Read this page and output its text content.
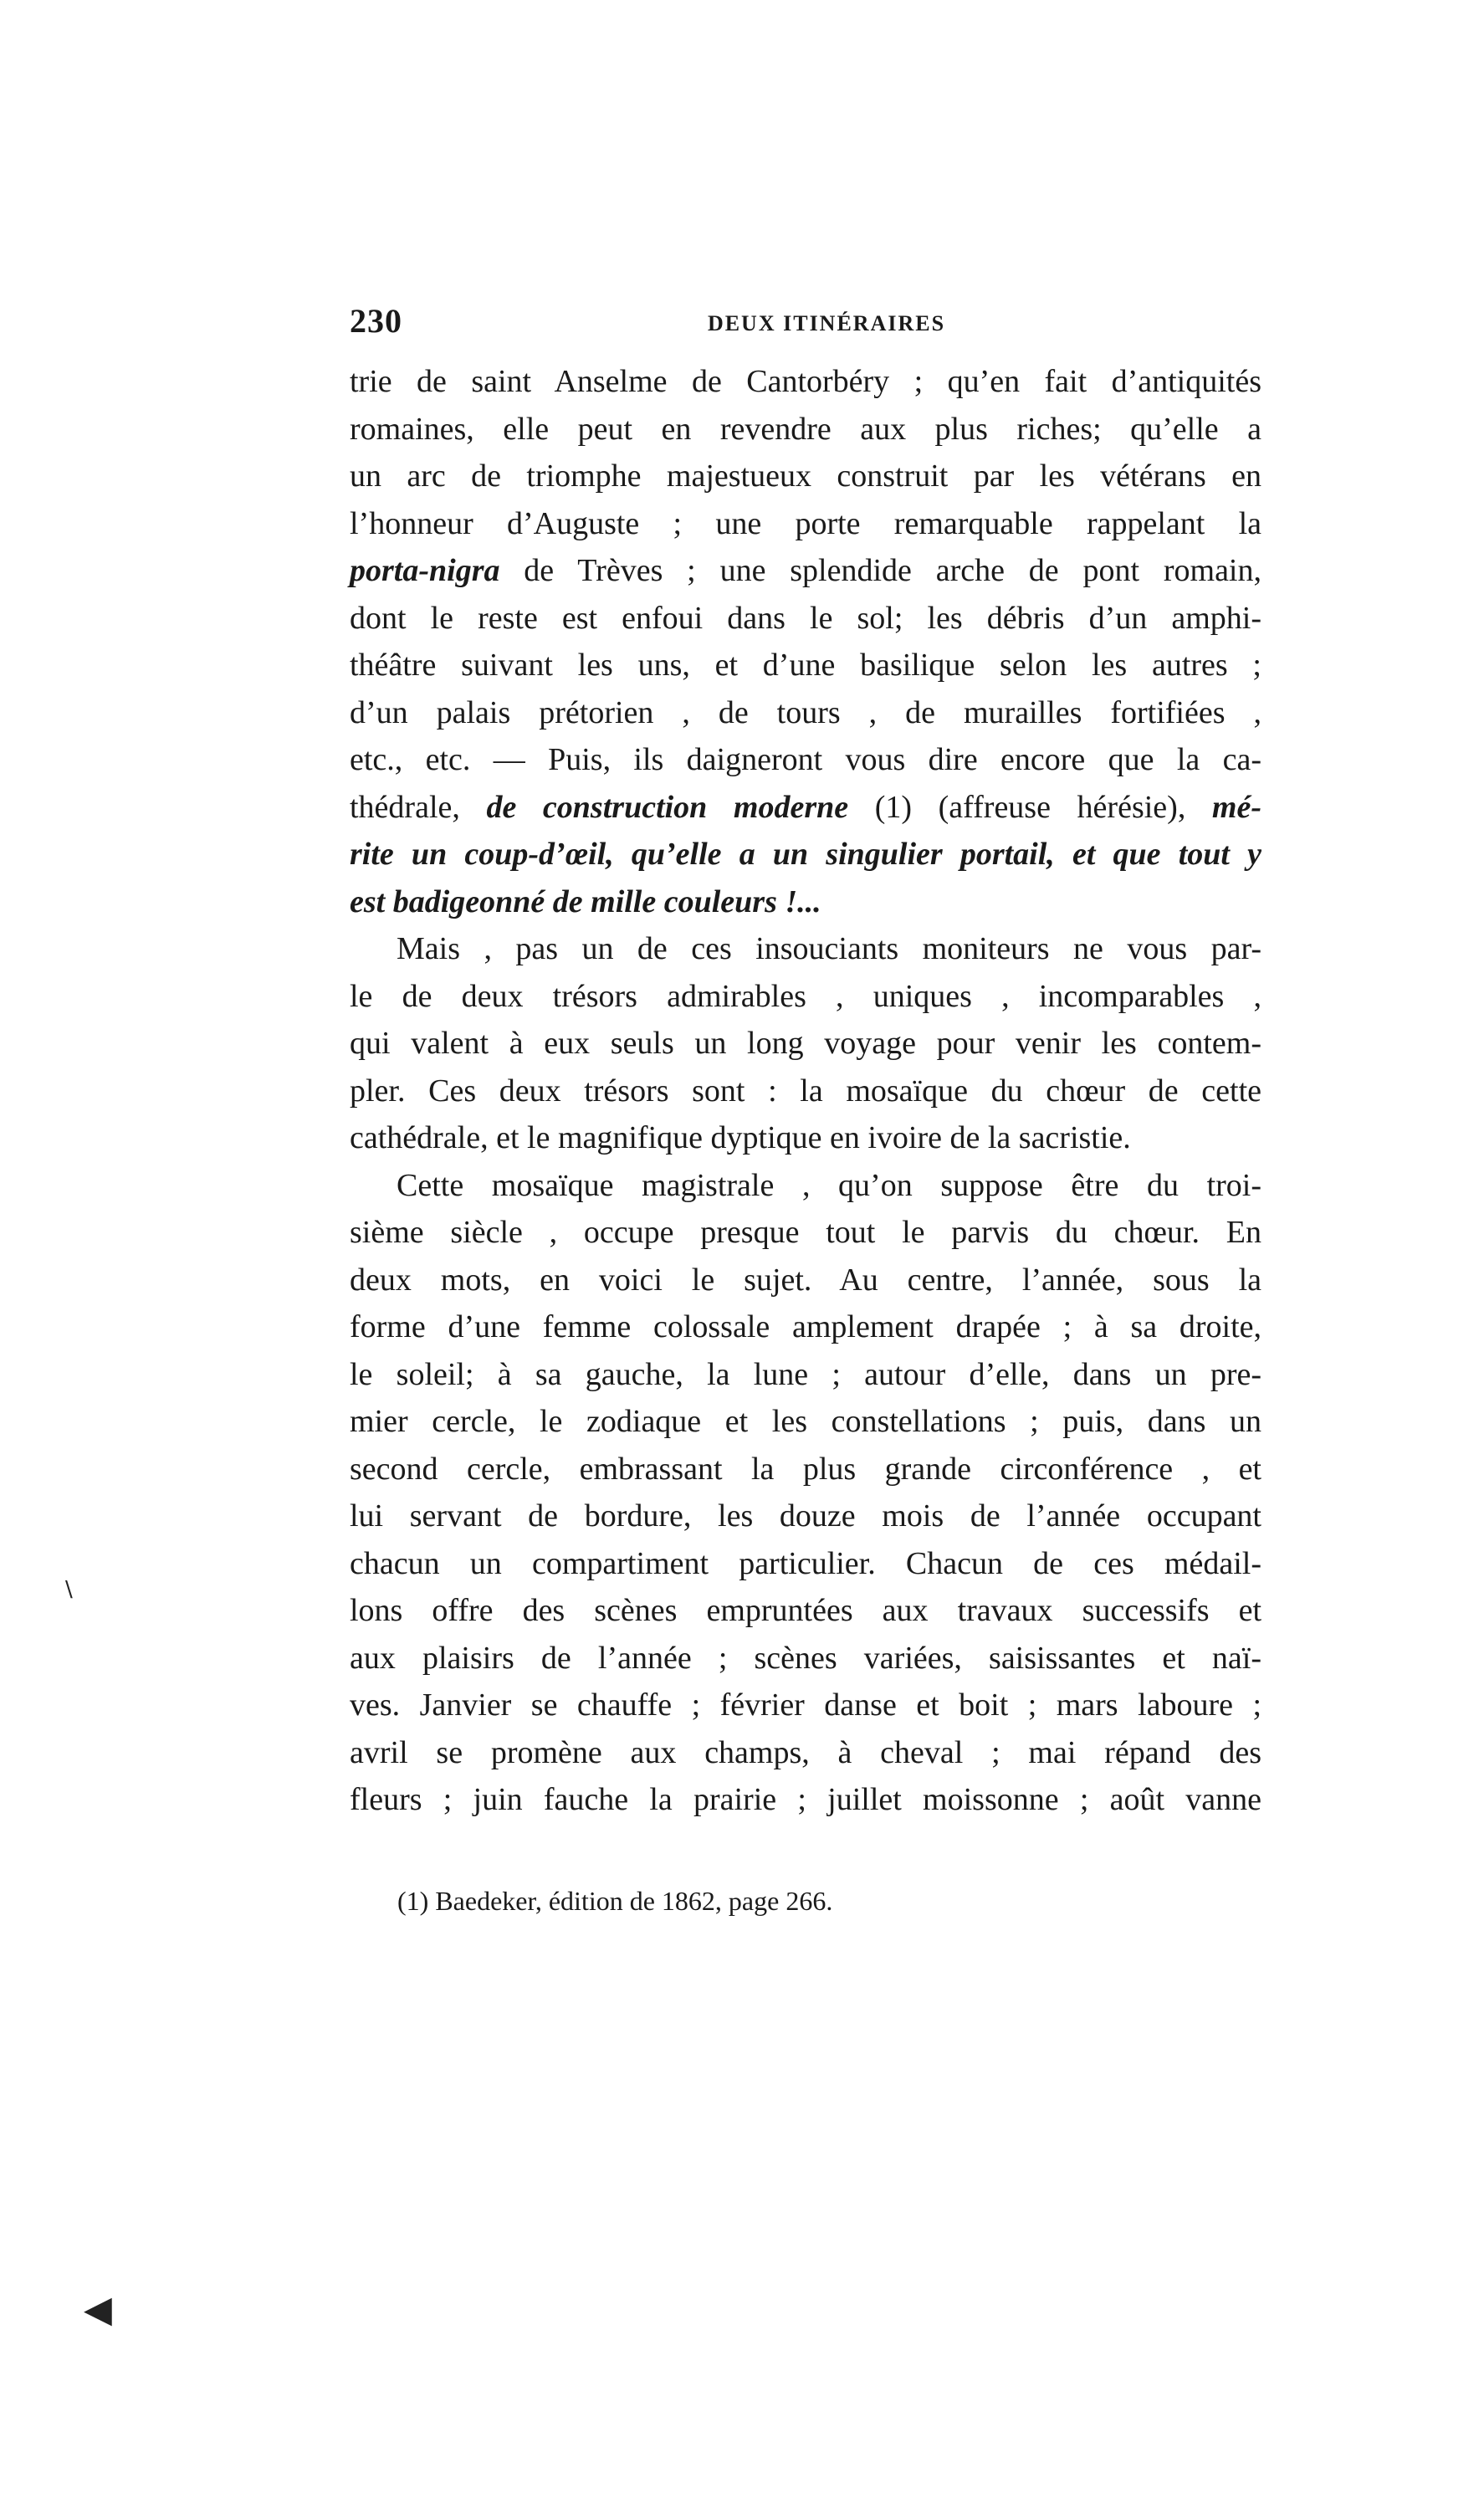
230	DEUX ITINÉRAIRES

trie de saint Anselme de Cantorbéry ; qu’en fait d’antiquités

romaines, elle peut en revendre aux plus riches; qu’elle a

un arc de triomphe majestueux construit par les vétérans en

l’honneur d’Auguste ; une porte remarquable rappelant la

porta-nigra de Trèves ; une splendide arche de pont romain,

dont le reste est enfoui dans le sol; les débris d’un amphi-

théâtre suivant les uns, et d’une basilique selon les autres ;

d’un palais prétorien , de tours , de murailles fortifiées ,

etc., etc. — Puis, ils daigneront vous dire encore que la ca-

thédrale, de construction moderne (1) (affreuse hérésie), mé-

rite un coup-d’œil, qu’elle a un singulier portail, et que tout y

est badigeonné de mille couleurs !...

Mais , pas un de ces insouciants moniteurs ne vous par-

le de deux trésors admirables , uniques , incomparables ,

qui valent à eux seuls un long voyage pour venir les contem-

pler. Ces deux trésors sont : la mosaïque du chœur de cette

cathédrale, et le magnifique dyptique en ivoire de la sacristie.

Cette mosaïque magistrale , qu’on suppose être du troi-

sième siècle , occupe presque tout le parvis du chœur. En

deux mots, en voici le sujet. Au centre, l’année, sous la

forme d’une femme colossale amplement drapée ; à sa droite,

le soleil; à sa gauche, la lune ; autour d’elle, dans un pre-

mier cercle, le zodiaque et les constellations ; puis, dans un

second cercle, embrassant la plus grande circonférence , et

lui servant de bordure, les douze mois de l’année occupant

chacun un compartiment particulier. Chacun de ces médail-

lons offre des scènes empruntées aux travaux successifs et

aux plaisirs de l’année ; scènes variées, saisissantes et naï-

ves. Janvier se chauffe ; février danse et boit ; mars laboure ;

avril se promène aux champs, à cheval ; mai répand des

fleurs ; juin fauche la prairie ; juillet moissonne ; août vanne

(1) Baedeker, édition de 1862, page 266.
◀
\
